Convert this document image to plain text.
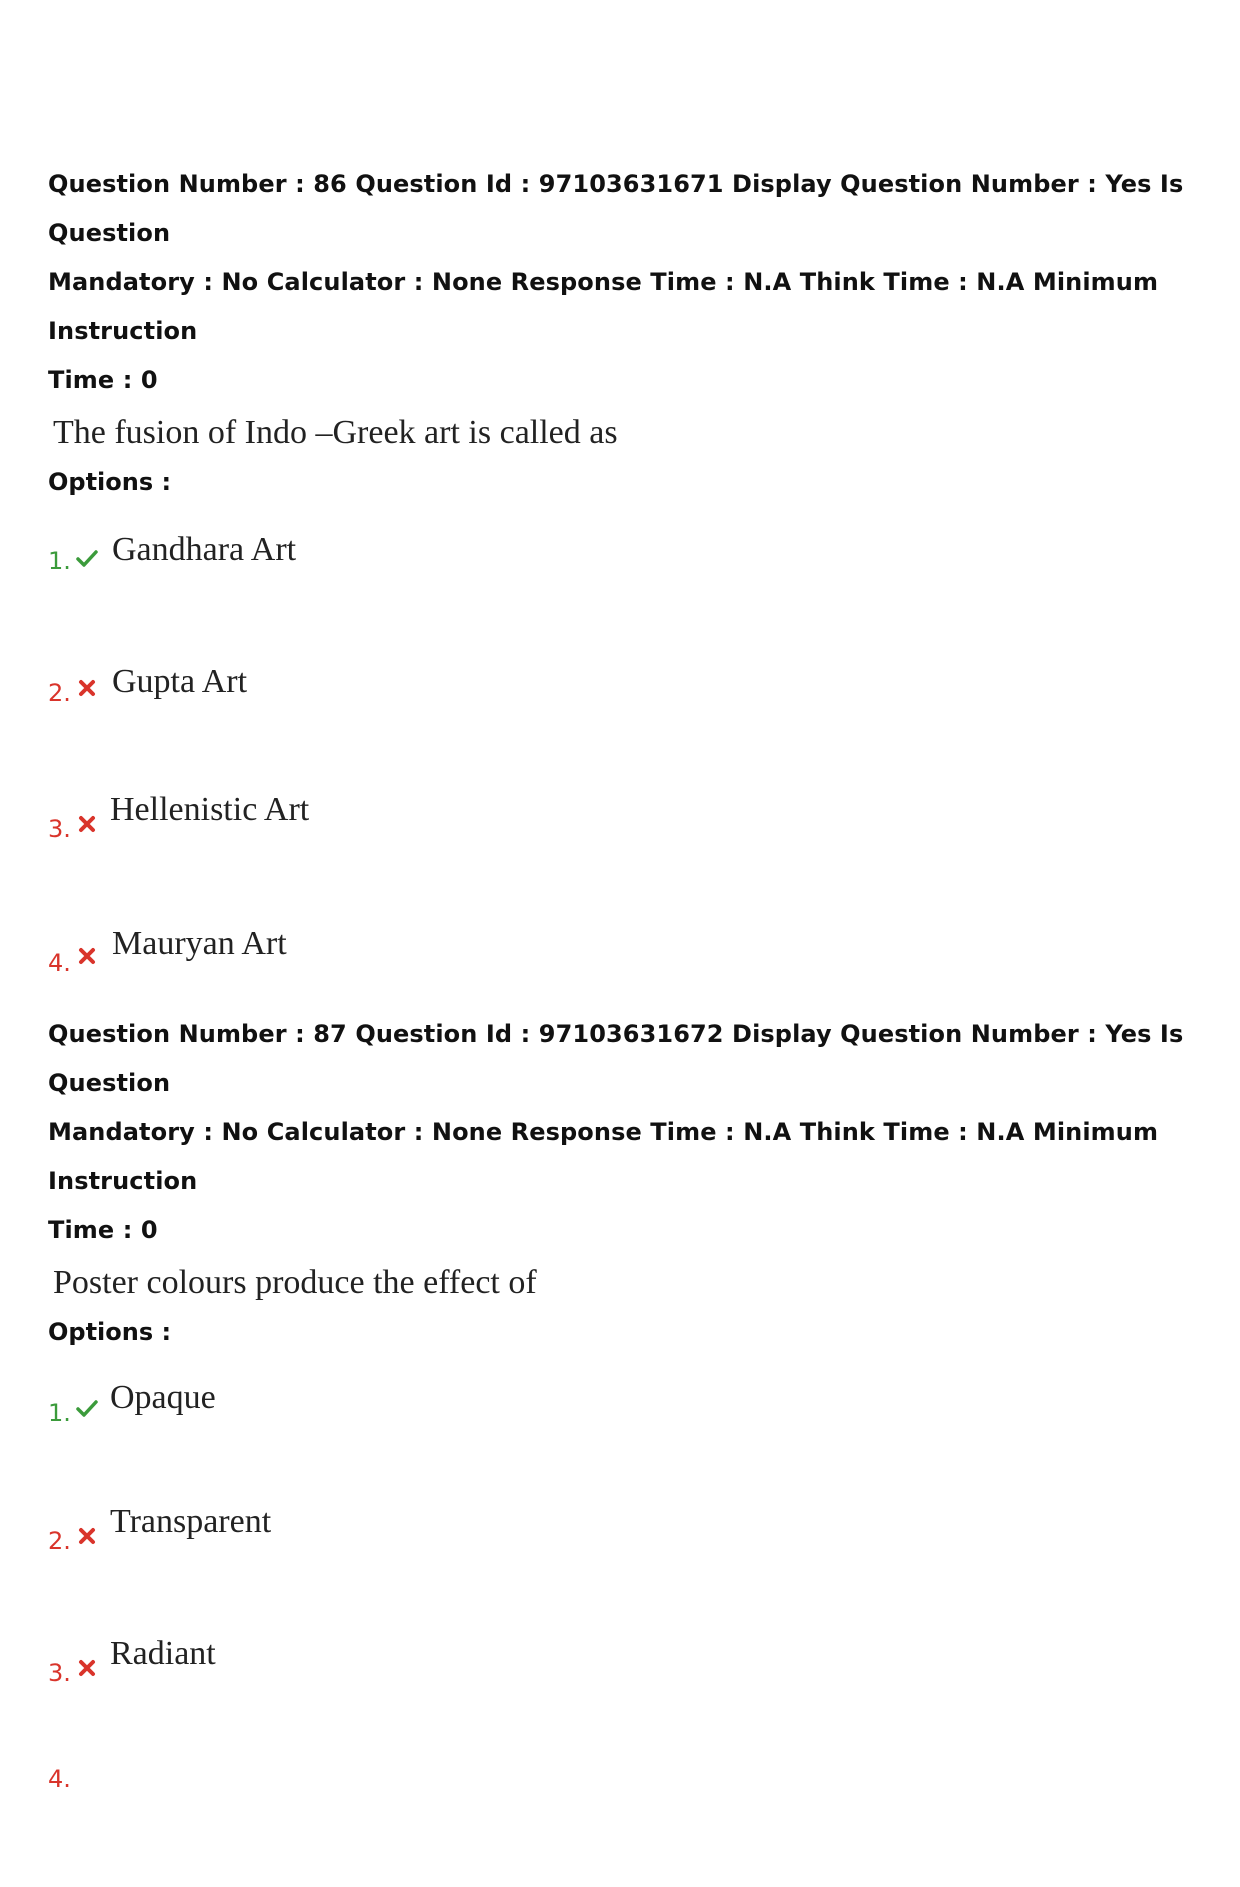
Question Number : 86 Question Id : 97103631671 Display Question Number : Yes Is Question

Mandatory : No Calculator : None Response Time : N.A Think Time : N.A Minimum Instruction

Time : 0

The fusion of Indo –Greek art is called as
Options :
1. Gandhara Art
2. Gupta Art
3.
Hellenistic Art
4.
Mauryan Art

Question Number : 87 Question Id : 97103631672 Display Question Number : Yes Is Question

Mandatory : No Calculator : None Response Time : N.A Think Time : N.A Minimum Instruction

Time : 0

Poster colours produce the effect of
Options :
1. Opaque
2.
Transparent
3.
Radiant
4.
